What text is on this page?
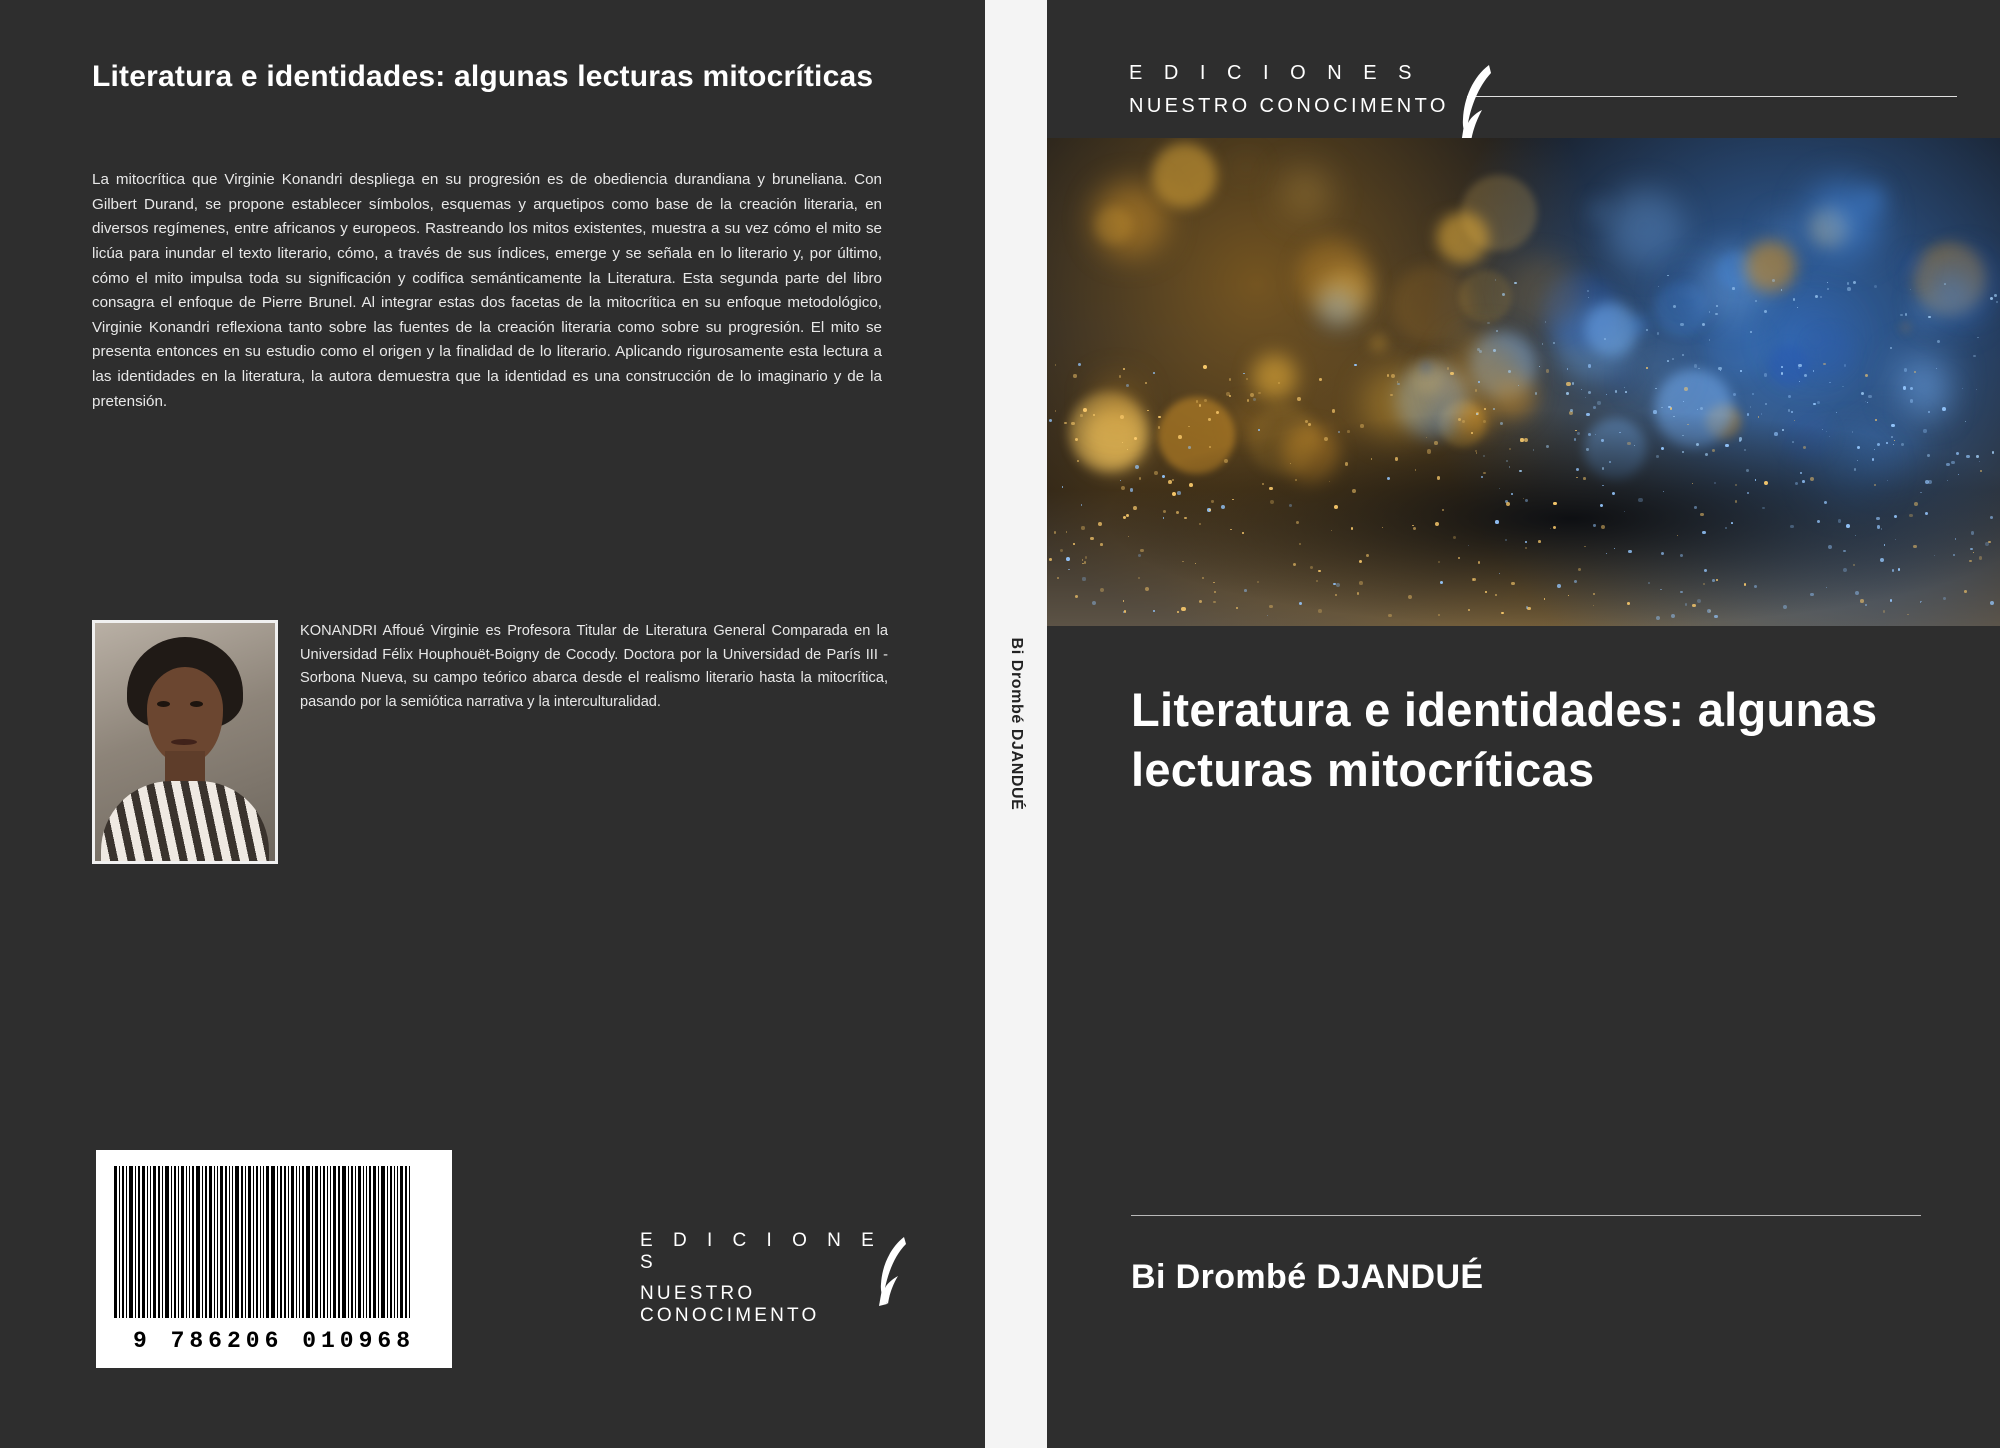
Literatura e identidades: algunas lecturas mitocríticas
La mitocrítica que Virginie Konandri despliega en su progresión es de obediencia durandiana y bruneliana. Con Gilbert Durand, se propone establecer símbolos, esquemas y arquetipos como base de la creación literaria, en diversos regímenes, entre africanos y europeos. Rastreando los mitos existentes, muestra a su vez cómo el mito se licúa para inundar el texto literario, cómo, a través de sus índices, emerge y se señala en lo literario y, por último, cómo el mito impulsa toda su significación y codifica semánticamente la Literatura. Esta segunda parte del libro consagra el enfoque de Pierre Brunel. Al integrar estas dos facetas de la mitocrítica en su enfoque metodológico, Virginie Konandri reflexiona tanto sobre las fuentes de la creación literaria como sobre su progresión. El mito se presenta entonces en su estudio como el origen y la finalidad de lo literario. Aplicando rigurosamente esta lectura a las identidades en la literatura, la autora demuestra que la identidad es una construcción de lo imaginario y de la pretensión.
KONANDRI Affoué Virginie es Profesora Titular de Literatura General Comparada en la Universidad Félix Houphouët-Boigny de Cocody. Doctora por la Universidad de París III - Sorbona Nueva, su campo teórico abarca desde el realismo literario hasta la mitocrítica, pasando por la semiótica narrativa y la interculturalidad.
9 786206 010968
E D I C I O N E S
NUESTRO CONOCIMENTO
Bi Drombé DJANDUÉ
E D I C I O N E S
NUESTRO CONOCIMENTO
Literatura e identidades: algunas lecturas mitocríticas
Bi Drombé DJANDUÉ
